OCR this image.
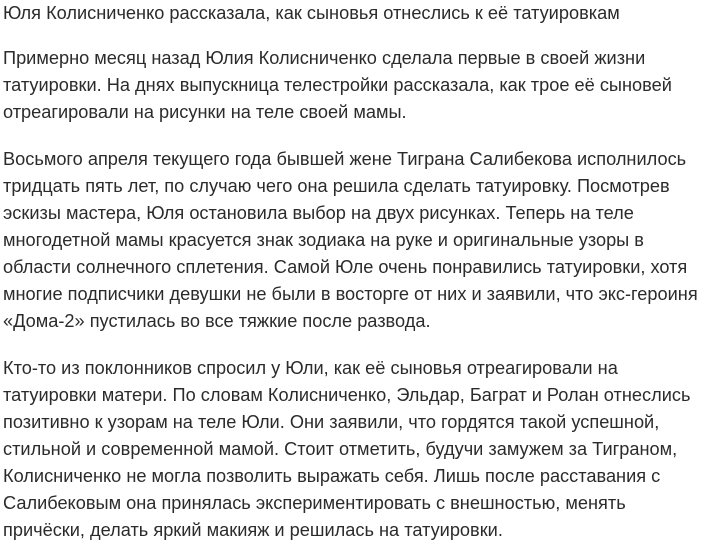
Юля Колисниченко рассказала, как сыновья отнеслись к её татуировкам

Примерно месяц назад Юлия Колисниченко сделала первые в своей жизни
татуировки. На днях выпускница телестройки рассказала, как трое её сыновей
отреагировали на рисунки на теле своей мамы.

Восьмого апреля текущего года бывшей жене Тиграна Салибекова исполнилось
тридцать пять лет, по случаю чего она решила сделать татуировку. Посмотрев
эскизы мастера, Юля остановила выбор на двух рисунках. Теперь на теле
многодетной мамы красуется знак зодиака на руке и оригинальные узоры в
области солнечного сплетения. Самой Юле очень понравились татуировки, хотя
многие подписчики девушки не были в восторге от них и заявили, что экс-героиня
«Дома-2» пустилась во все тяжкие после развода.

Кто-то из поклонников спросил у Юли, как её сыновья отреагировали на
татуировки матери. По словам Колисниченко, Эльдар, Баграт и Ролан отнеслись
позитивно к узорам на теле Юли. Они заявили, что гордятся такой успешной,
стильной и современной мамой. Стоит отметить, будучи замужем за Тиграном,
Колисниченко не могла позволить выражать себя. Лишь после расставания с
Салибековым она принялась экспериментировать с внешностью, менять
причёски, делать яркий макияж и решилась на татуировки.
